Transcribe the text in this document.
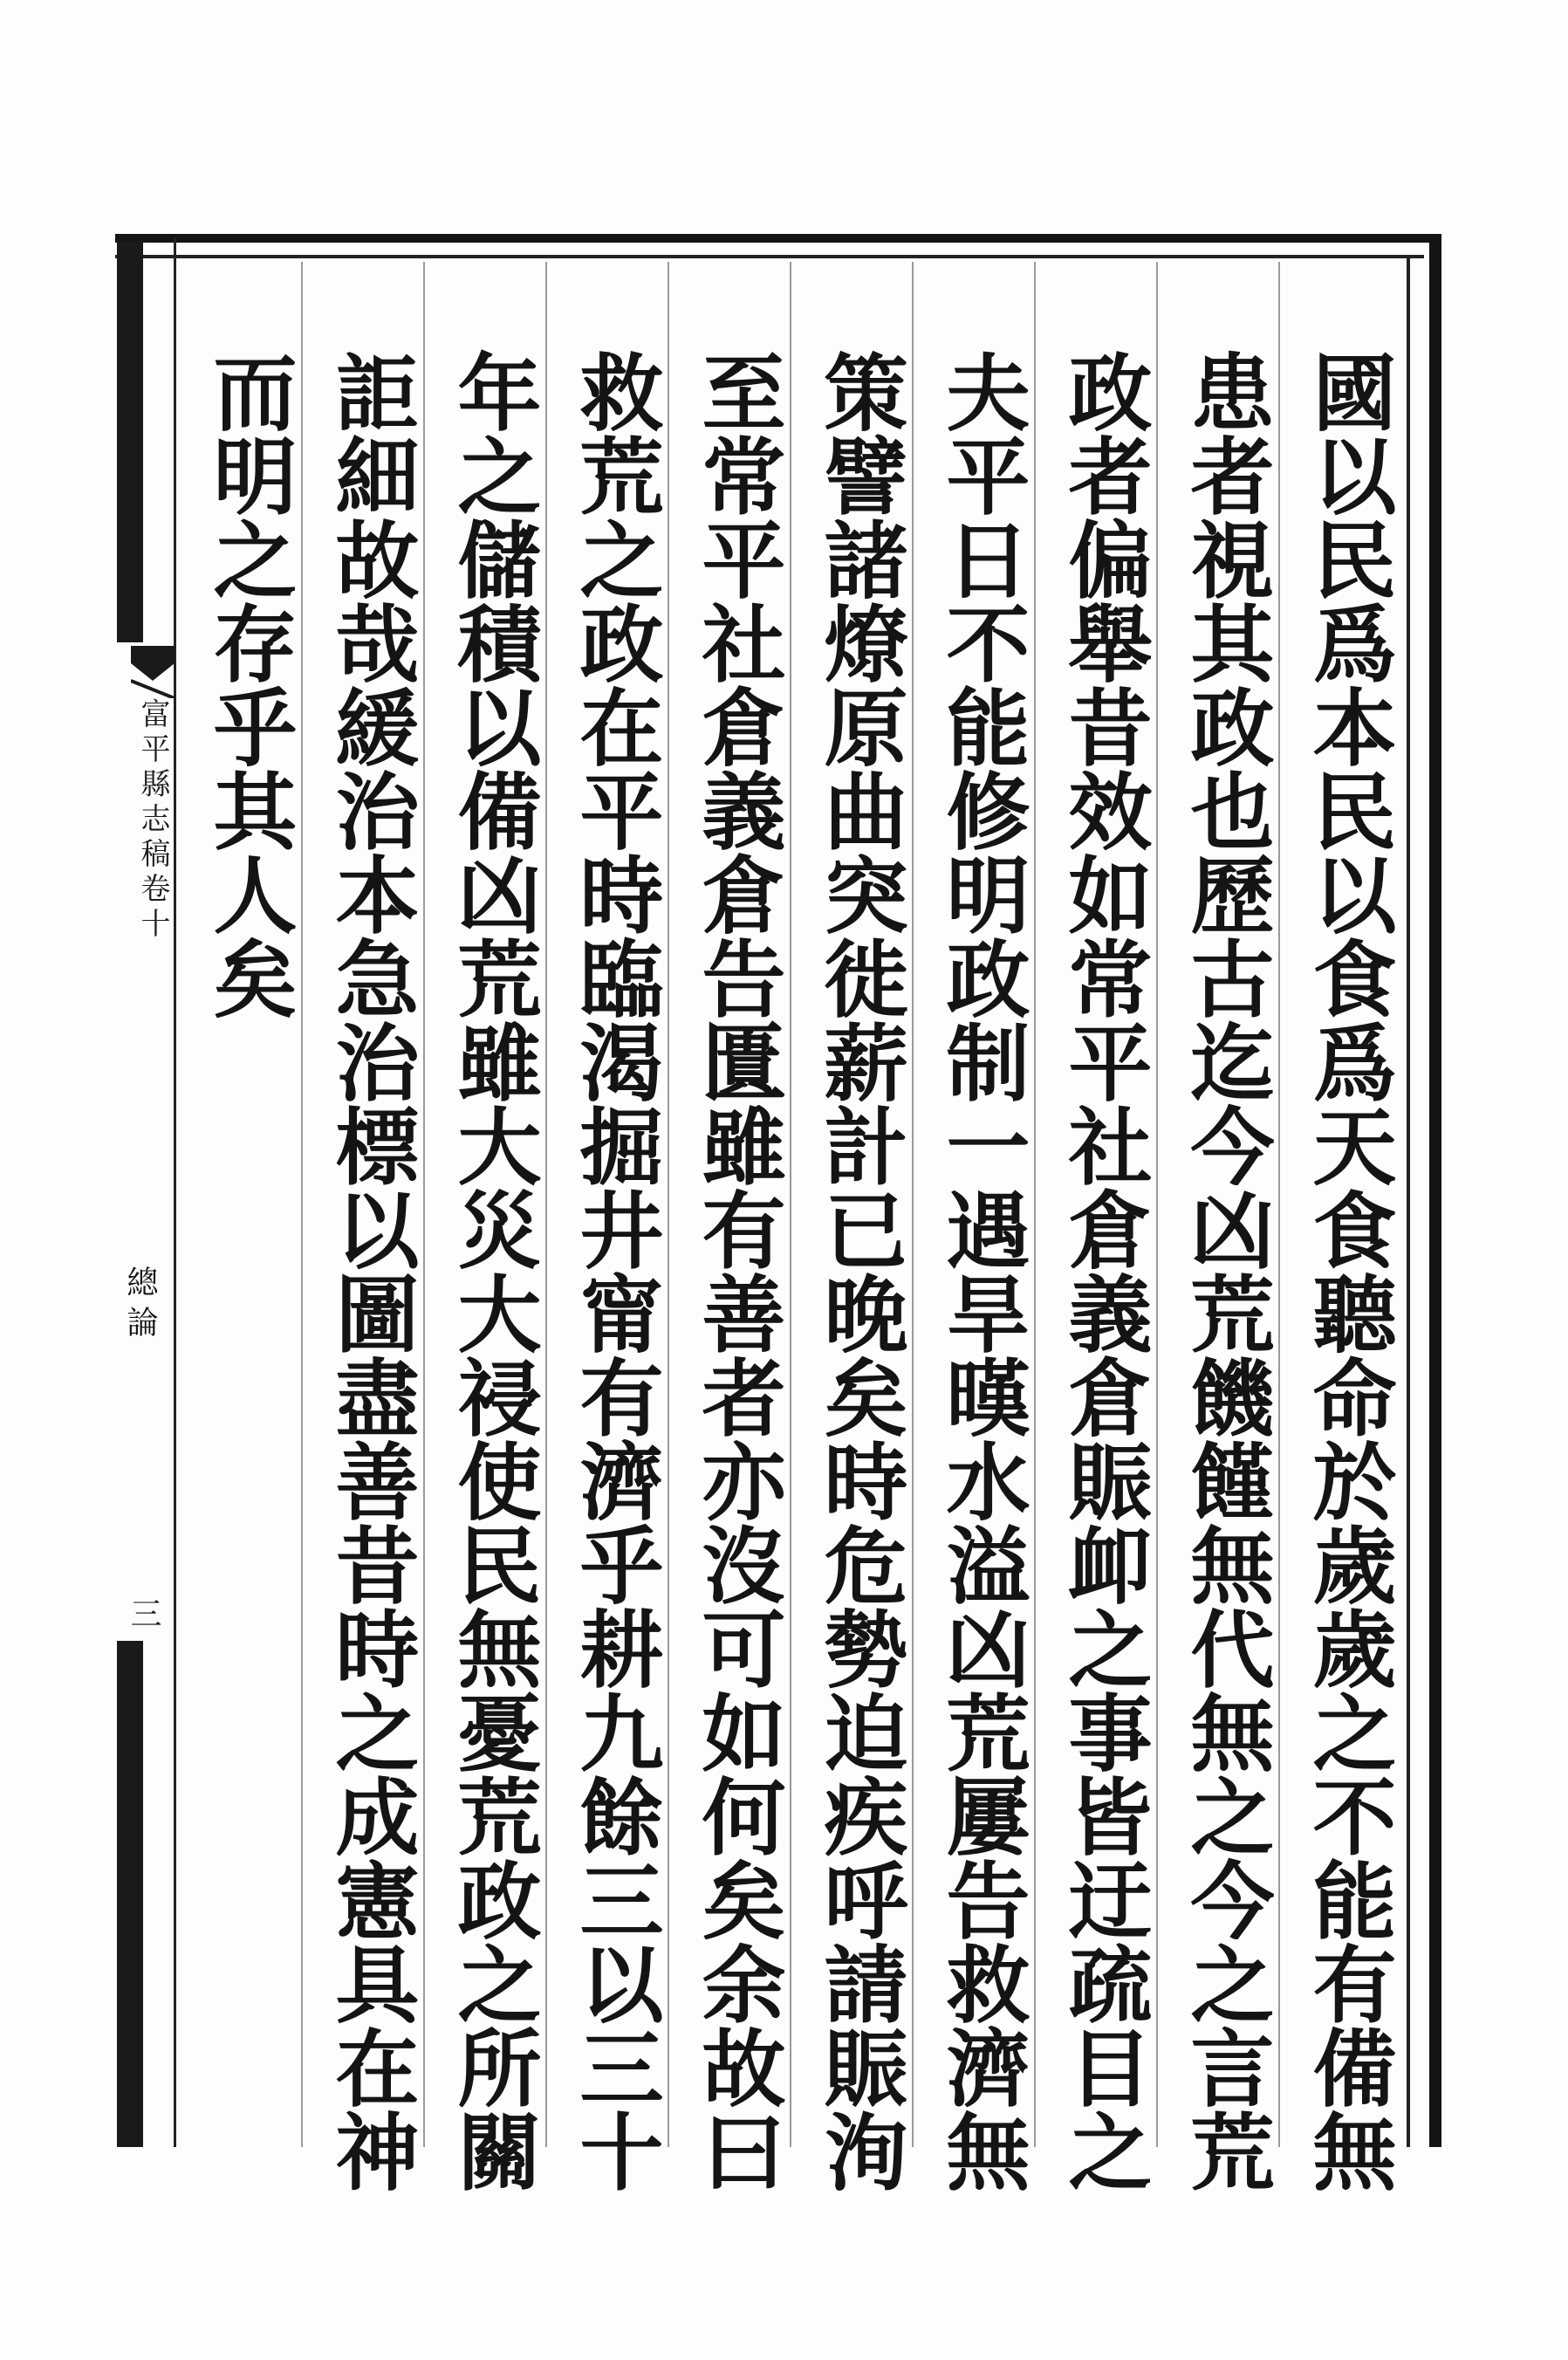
富平縣志稿卷十
總論
三	國以民爲本民以食爲天食聽命於歲歲之不能有備無
患者視其政也歷古迄今凶荒饑饉無代無之今之言荒
政者偏舉昔效如常平社倉義倉賑卹之事皆迂疏目之
夫平日不能修明政制一遇旱暵水溢凶荒屢告救濟無
策譬諸燎原曲突徙薪計已晚矣時危勢迫疾呼請賑洵
至常平社倉義倉告匱雖有善者亦沒可如何矣余故曰
救荒之政在平時臨渴掘井甯有濟乎耕九餘三以三十
年之儲積以備凶荒雖大災大祲使民無憂荒政之所關
詎細故哉緩治本急治標以圖盡善昔時之成憲具在神
而明之存乎其人矣
